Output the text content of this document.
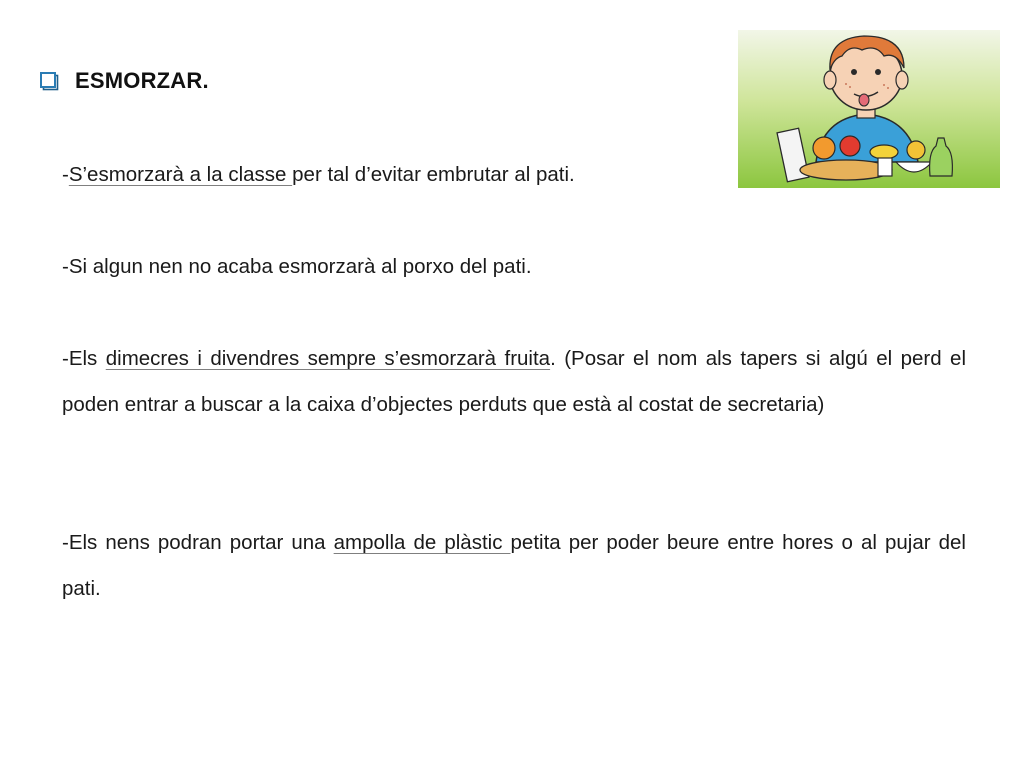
ESMORZAR.
-S’esmorzarà a la classe per tal d’evitar embrutar al pati.
-Si algun nen no acaba esmorzarà al porxo del pati.
-Els dimecres i divendres sempre s’esmorzarà fruita. (Posar el nom als tapers si algú el perd el poden entrar a buscar a la caixa d’objectes perduts que està al costat de secretaria)
-Els nens podran portar una ampolla de plàstic petita per poder beure entre hores o al pujar del pati.
